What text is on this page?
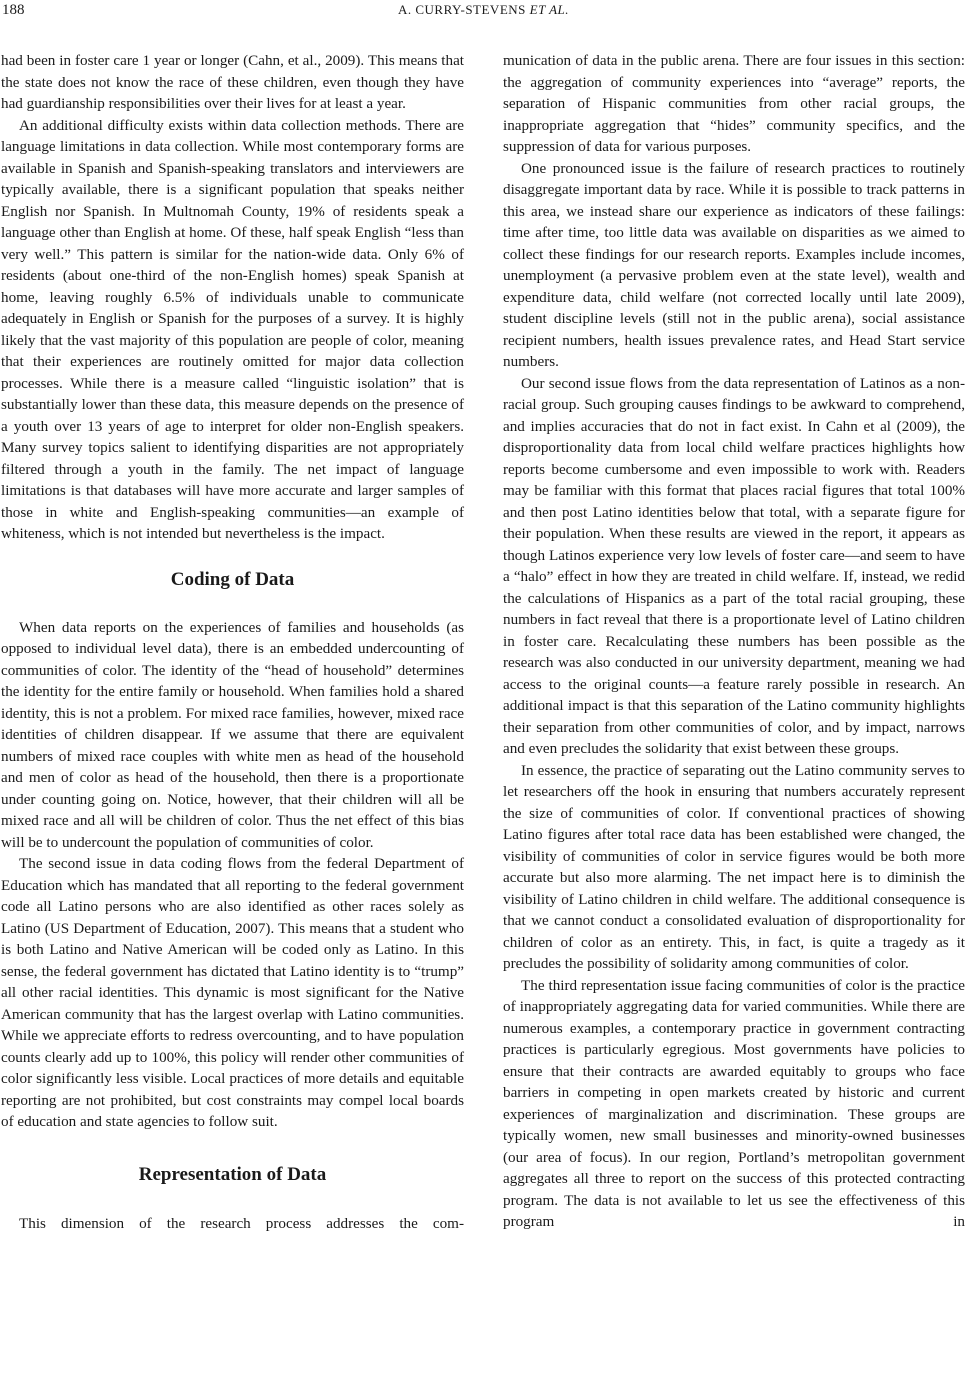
188	A. CURRY-STEVENS ET AL.

had been in foster care 1 year or longer (Cahn, et al., 2009). This means that the state does not know the race of these children, even though they have had guardianship responsibilities over their lives for at least a year.

An additional difficulty exists within data collection methods. There are language limitations in data collection. While most contemporary forms are available in Spanish and Spanish-speaking translators and interviewers are typically available, there is a significant population that speaks neither English nor Spanish. In Multnomah County, 19% of residents speak a language other than English at home. Of these, half speak English “less than very well.” This pattern is similar for the nation-wide data. Only 6% of residents (about one-third of the non-English homes) speak Spanish at home, leaving roughly 6.5% of individuals unable to communicate adequately in English or Spanish for the purposes of a survey. It is highly likely that the vast majority of this population are people of color, meaning that their experiences are routinely omitted for major data collection processes. While there is a measure called “linguistic isolation” that is substantially lower than these data, this measure depends on the presence of a youth over 13 years of age to interpret for older non-English speakers. Many survey topics salient to identifying disparities are not appropriately filtered through a youth in the family. The net impact of language limitations is that databases will have more accurate and larger samples of those in white and English-speaking communities—an example of whiteness, which is not intended but nevertheless is the impact.

Coding of Data

When data reports on the experiences of families and households (as opposed to individual level data), there is an embedded undercounting of communities of color. The identity of the “head of household” determines the identity for the entire family or household. When families hold a shared identity, this is not a problem. For mixed race families, however, mixed race identities of children disappear. If we assume that there are equivalent numbers of mixed race couples with white men as head of the household and men of color as head of the household, then there is a proportionate under counting going on. Notice, however, that their children will all be mixed race and all will be children of color. Thus the net effect of this bias will be to undercount the population of communities of color.

The second issue in data coding flows from the federal Department of Education which has mandated that all reporting to the federal government code all Latino persons who are also identified as other races solely as Latino (US Department of Education, 2007). This means that a student who is both Latino and Native American will be coded only as Latino. In this sense, the federal government has dictated that Latino identity is to “trump” all other racial identities. This dynamic is most significant for the Native American community that has the largest overlap with Latino communities. While we appreciate efforts to redress overcounting, and to have population counts clearly add up to 100%, this policy will render other communities of color significantly less visible. Local practices of more details and equitable reporting are not prohibited, but cost constraints may compel local boards of education and state agencies to follow suit.

Representation of Data

This dimension of the research process addresses the com-

munication of data in the public arena. There are four issues in this section: the aggregation of community experiences into “average” reports, the separation of Hispanic communities from other racial groups, the inappropriate aggregation that “hides” community specifics, and the suppression of data for various purposes.

One pronounced issue is the failure of research practices to routinely disaggregate important data by race. While it is possible to track patterns in this area, we instead share our experience as indicators of these failings: time after time, too little data was available on disparities as we aimed to collect these findings for our research reports. Examples include incomes, unemployment (a pervasive problem even at the state level), wealth and expenditure data, child welfare (not corrected locally until late 2009), student discipline levels (still not in the public arena), social assistance recipient numbers, health issues prevalence rates, and Head Start service numbers.

Our second issue flows from the data representation of Latinos as a non-racial group. Such grouping causes findings to be awkward to comprehend, and implies accuracies that do not in fact exist. In Cahn et al (2009), the disproportionality data from local child welfare practices highlights how reports become cumbersome and even impossible to work with. Readers may be familiar with this format that places racial figures that total 100% and then post Latino identities below that total, with a separate figure for their population. When these results are viewed in the report, it appears as though Latinos experience very low levels of foster care—and seem to have a “halo” effect in how they are treated in child welfare. If, instead, we redid the calculations of Hispanics as a part of the total racial grouping, these numbers in fact reveal that there is a proportionate level of Latino children in foster care. Recalculating these numbers has been possible as the research was also conducted in our university department, meaning we had access to the original counts—a feature rarely possible in research. An additional impact is that this separation of the Latino community highlights their separation from other communities of color, and by impact, narrows and even precludes the solidarity that exist between these groups.

In essence, the practice of separating out the Latino community serves to let researchers off the hook in ensuring that numbers accurately represent the size of communities of color. If conventional practices of showing Latino figures after total race data has been established were changed, the visibility of communities of color in service figures would be both more accurate but also more alarming. The net impact here is to diminish the visibility of Latino children in child welfare. The additional consequence is that we cannot conduct a consolidated evaluation of disproportionality for children of color as an entirety. This, in fact, is quite a tragedy as it precludes the possibility of solidarity among communities of color.

The third representation issue facing communities of color is the practice of inappropriately aggregating data for varied communities. While there are numerous examples, a contemporary practice in government contracting practices is particularly egregious. Most governments have policies to ensure that their contracts are awarded equitably to groups who face barriers in competing in open markets created by historic and current experiences of marginalization and discrimination. These groups are typically women, new small businesses and minority-owned businesses (our area of focus). In our region, Portland’s metropolitan government aggregates all three to report on the success of this protected contracting program. The data is not available to let us see the effectiveness of this program in
